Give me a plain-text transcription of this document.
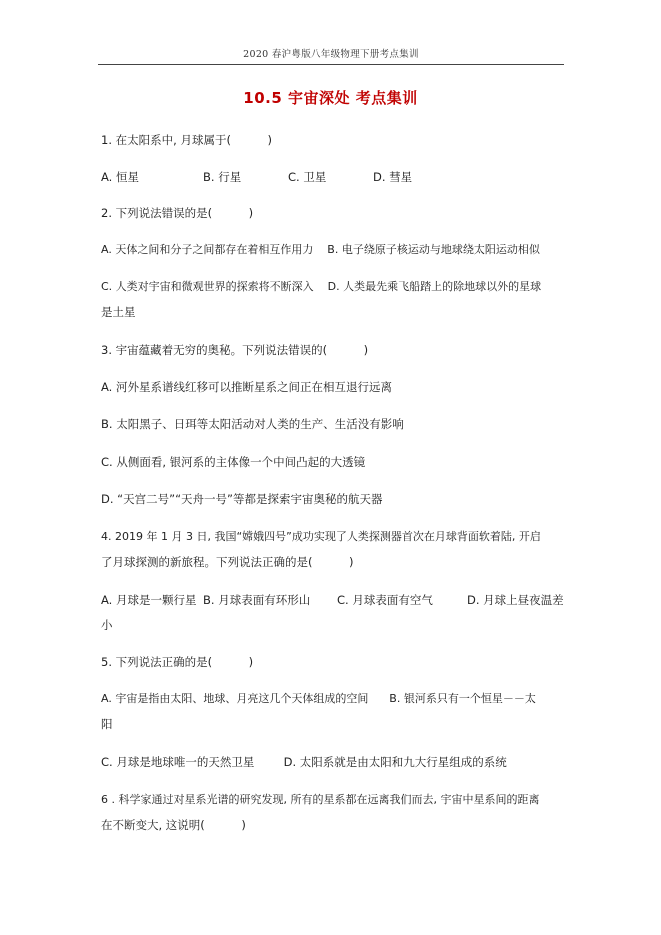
2020 春沪粤版八年级物理下册考点集训
10.5 宇宙深处 考点集训
1. 在太阳系中, 月球属于(          )
A. 恒星	B. 行星	C. 卫星	D. 彗星
2. 下列说法错误的是(          )
A. 天体之间和分子之间都存在着相互作用力    B. 电子绕原子核运动与地球绕太阳运动相似
C. 人类对宇宙和微观世界的探索将不断深入    D. 人类最先乘飞船踏上的除地球以外的星球
是土星
3. 宇宙蕴藏着无穷的奥秘。下列说法错误的(          )
A. 河外星系谱线红移可以推断星系之间正在相互退行远离
B. 太阳黑子、日珥等太阳活动对人类的生产、生活没有影响
C. 从侧面看, 银河系的主体像一个中间凸起的大透镜
D. “天宫二号”“天舟一号”等都是探索宇宙奥秘的航天器
4. 2019 年 1 月 3 日, 我国“嫦娥四号”成功实现了人类探测器首次在月球背面软着陆, 开启
了月球探测的新旅程。下列说法正确的是(          )
A. 月球是一颗行星 B. 月球表面有环形山 C. 月球表面有空气	D. 月球上昼夜温差
小
5. 下列说法正确的是(          )
A. 宇宙是指由太阳、地球、月亮这几个天体组成的空间      B. 银河系只有一个恒星－－太
阳
C. 月球是地球唯一的天然卫星        D. 太阳系就是由太阳和九大行星组成的系统
6 . 科学家通过对星系光谱的研究发现, 所有的星系都在远离我们而去, 宇宙中星系间的距离
在不断变大, 这说明(          )
